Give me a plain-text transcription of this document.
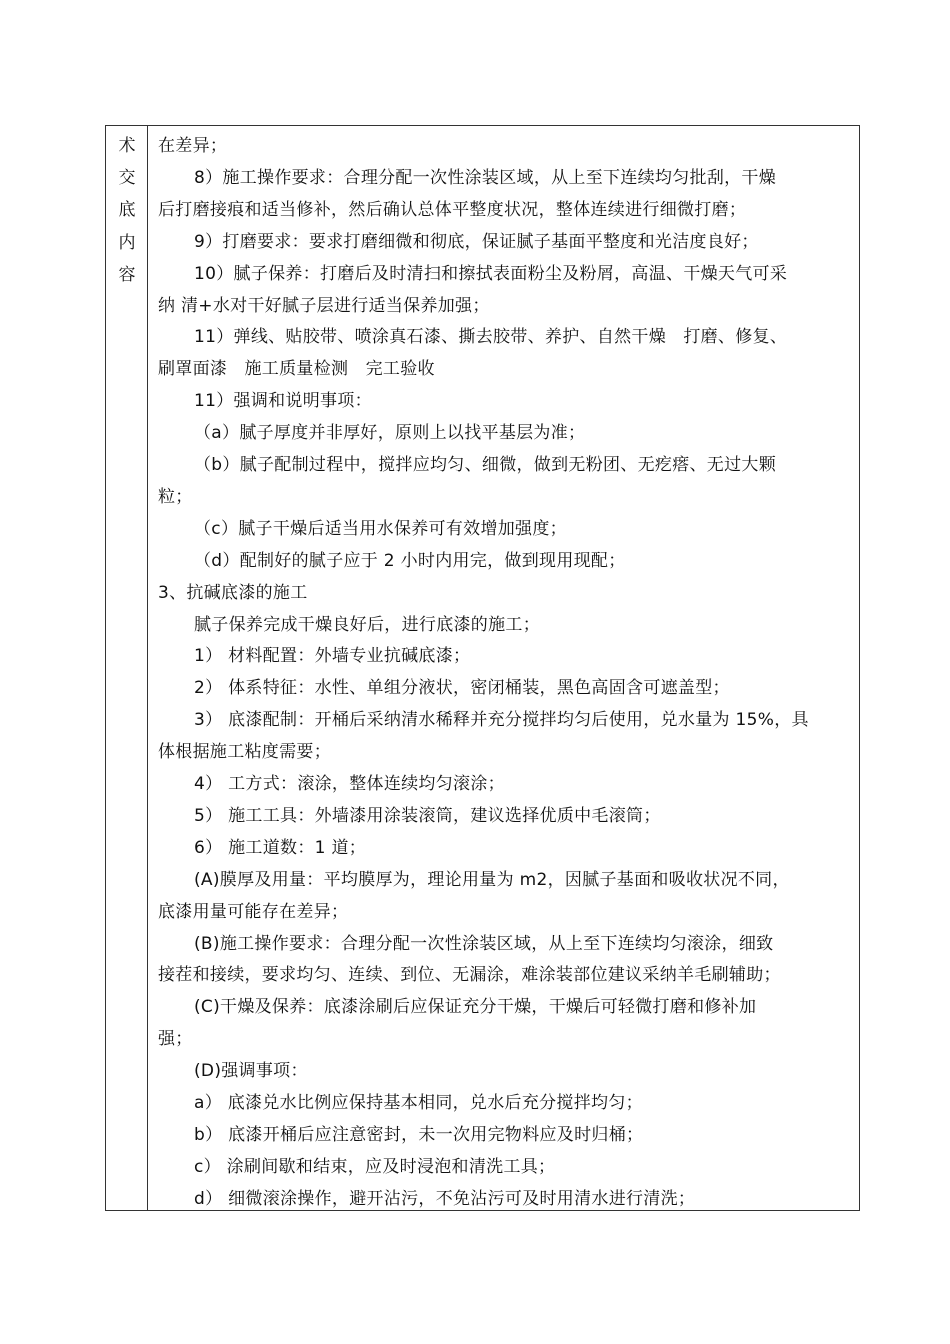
术
交
底
内
容
在差异；
8）施工操作要求：合理分配一次性涂装区域，从上至下连续均匀批刮，干燥
后打磨接痕和适当修补，然后确认总体平整度状况，整体连续进行细微打磨；
9）打磨要求：要求打磨细微和彻底，保证腻子基面平整度和光洁度良好；
10）腻子保养：打磨后及时清扫和擦拭表面粉尘及粉屑，高温、干燥天气可采
纳 清+水对干好腻子层进行适当保养加强；
11）弹线、贴胶带、喷涂真石漆、撕去胶带、养护、自然干燥　打磨、修复、
刷罩面漆　施工质量检测　完工验收
11）强调和说明事项：
（a）腻子厚度并非厚好，原则上以找平基层为准；
（b）腻子配制过程中，搅拌应均匀、细微，做到无粉团、无疙瘩、无过大颗
粒；
（c）腻子干燥后适当用水保养可有效增加强度；
（d）配制好的腻子应于 2 小时内用完，做到现用现配；
3、抗碱底漆的施工
腻子保养完成干燥良好后，进行底漆的施工；
1） 材料配置：外墙专业抗碱底漆；
2） 体系特征：水性、单组分液状，密闭桶装，黑色高固含可遮盖型；
3） 底漆配制：开桶后采纳清水稀释并充分搅拌均匀后使用，兑水量为 15%，具
体根据施工粘度需要；
4） 工方式：滚涂，整体连续均匀滚涂；
5） 施工工具：外墙漆用涂装滚筒，建议选择优质中毛滚筒；
6） 施工道数：1 道；
(A)膜厚及用量：平均膜厚为，理论用量为 m2，因腻子基面和吸收状况不同，
底漆用量可能存在差异；
(B)施工操作要求：合理分配一次性涂装区域，从上至下连续均匀滚涂，细致
接茬和接续，要求均匀、连续、到位、无漏涂，难涂装部位建议采纳羊毛刷辅助；
(C)干燥及保养：底漆涂刷后应保证充分干燥，干燥后可轻微打磨和修补加
强；
(D)强调事项：
a） 底漆兑水比例应保持基本相同，兑水后充分搅拌均匀；
b） 底漆开桶后应注意密封，未一次用完物料应及时归桶；
c） 涂刷间歇和结束，应及时浸泡和清洗工具；
d） 细微滚涂操作，避开沾污，不免沾污可及时用清水进行清洗；
